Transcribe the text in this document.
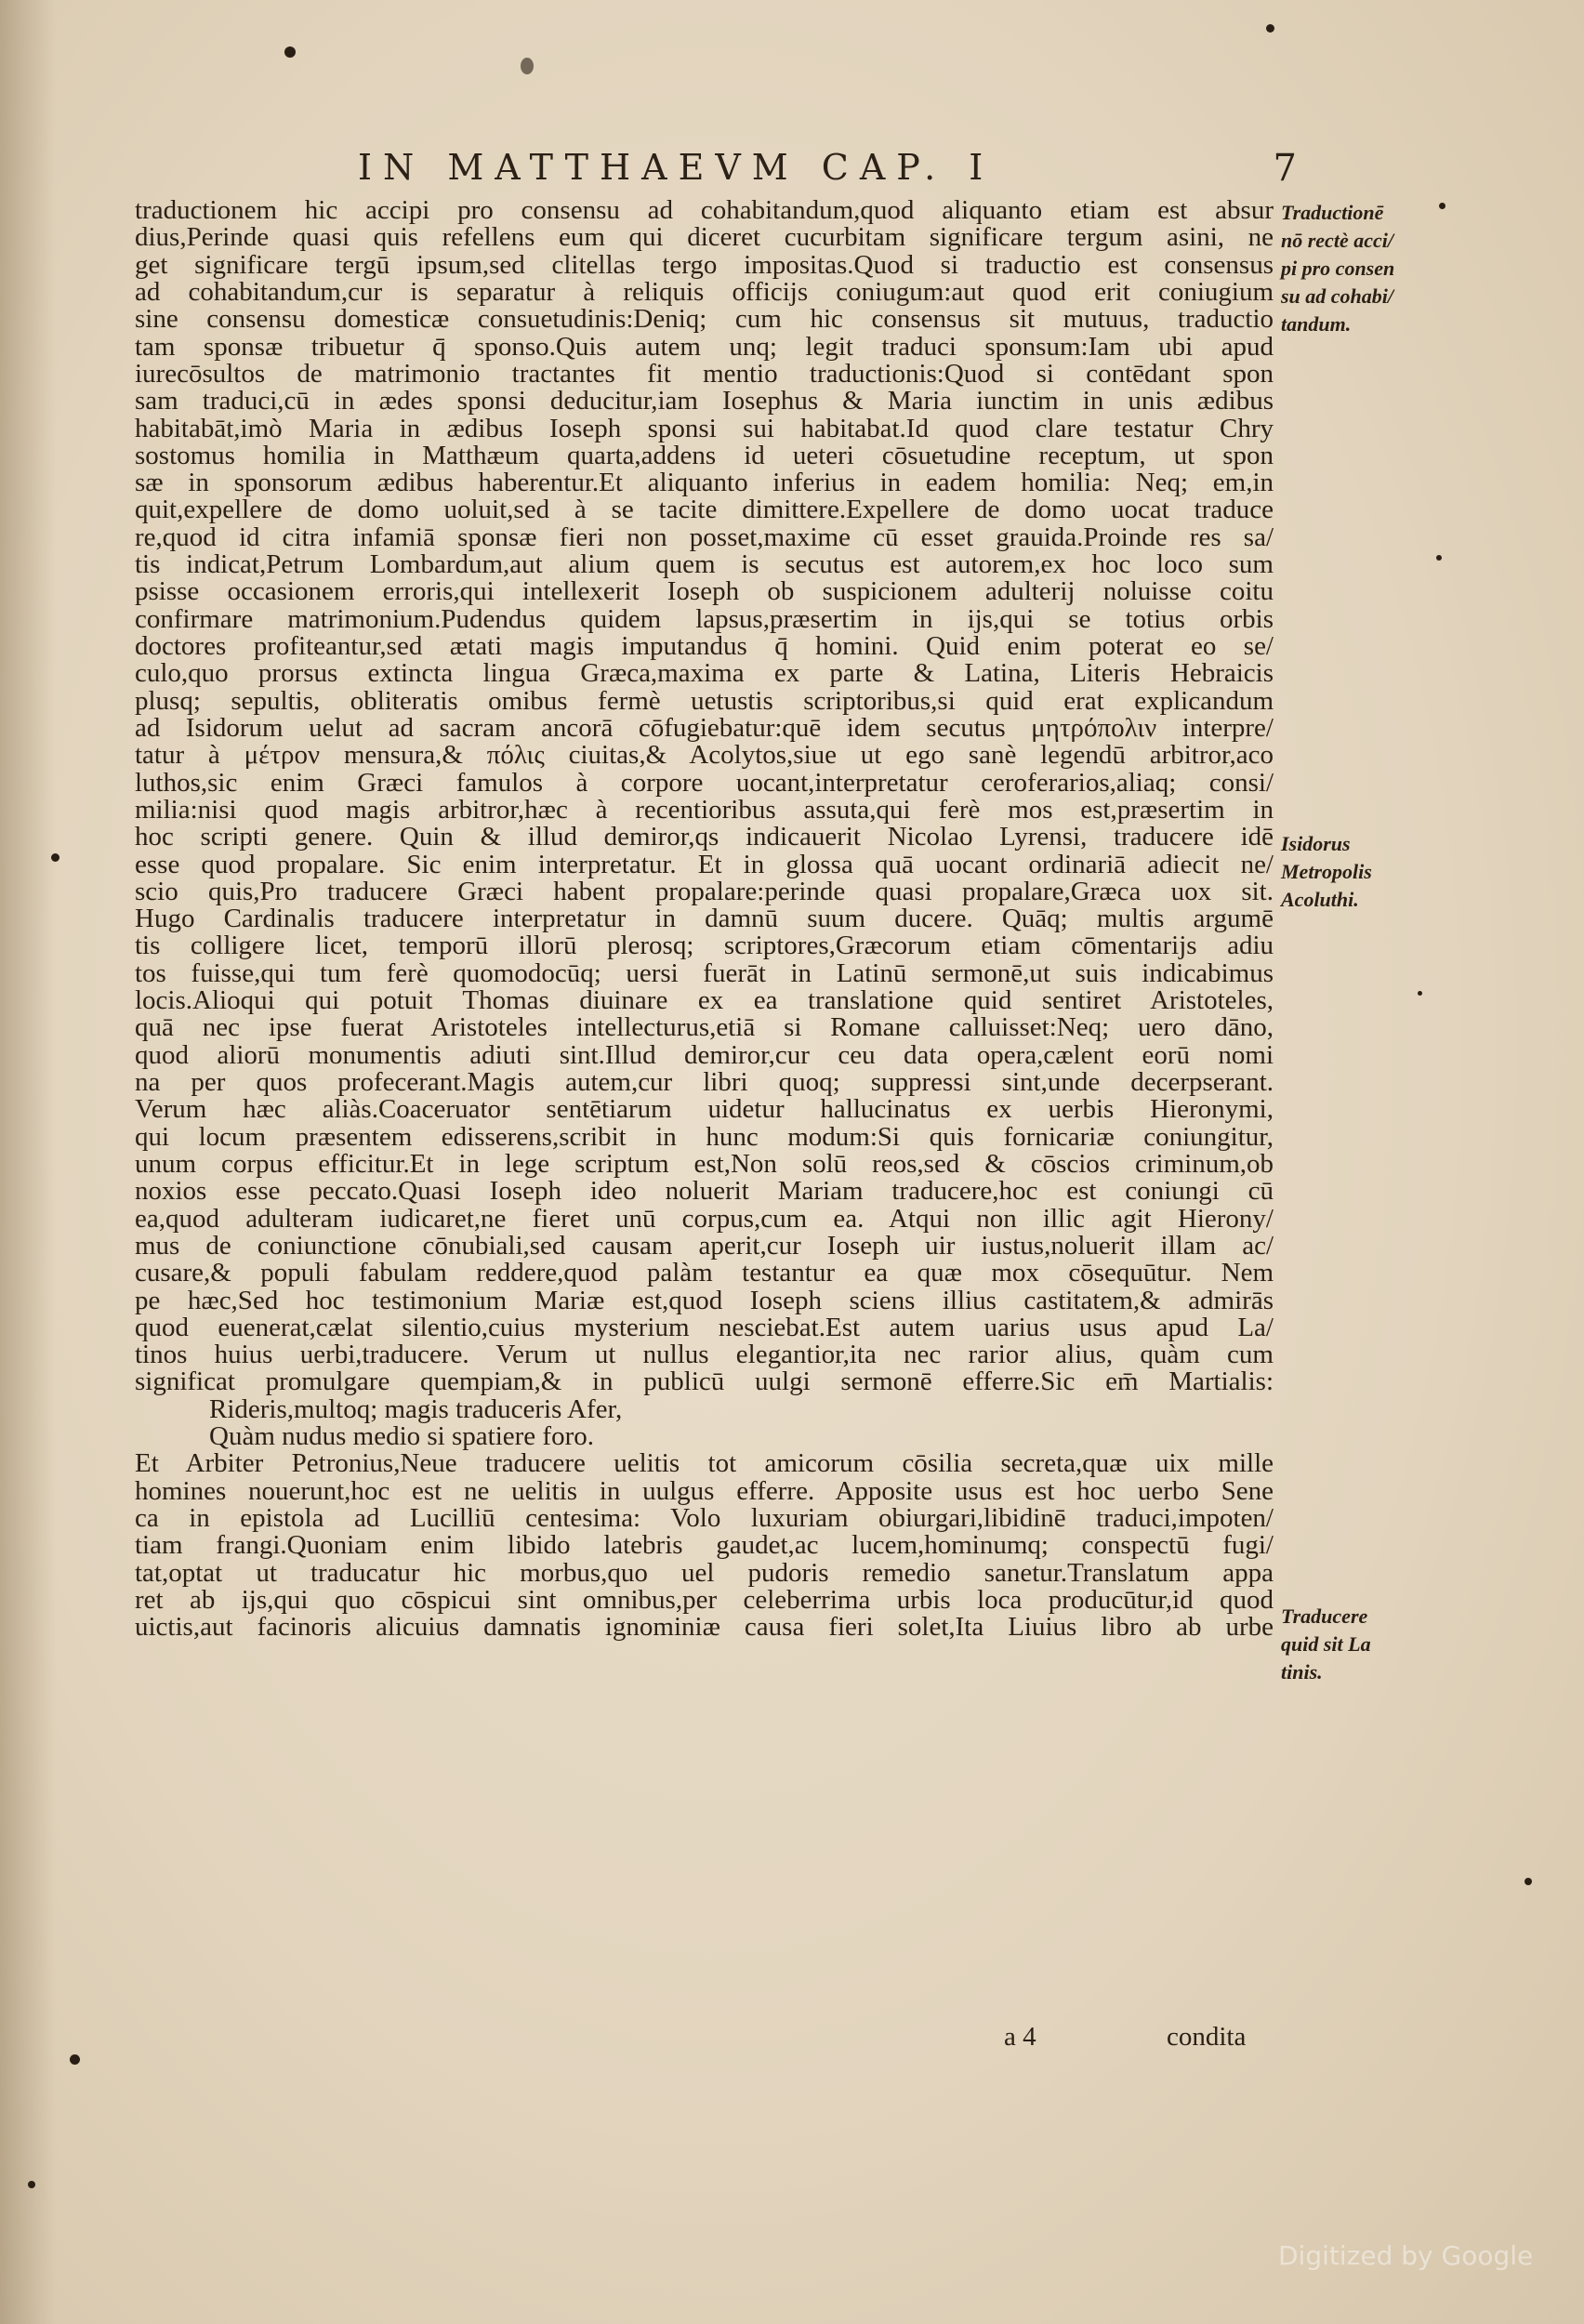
IN MATTHAEVM CAP. I	7
traductionem hic accipi pro consensu ad cohabitandum,quod aliquanto etiam est absur
dius,Perinde quasi quis refellens eum qui diceret cucurbitam significare tergum asini, ne
get significare tergū ipsum,sed clitellas tergo impositas.Quod si traductio est consensus
ad cohabitandum,cur is separatur à reliquis officijs coniugum:aut quod erit coniugium
sine consensu domesticæ consuetudinis:Deniq; cum hic consensus sit mutuus, traductio
tam sponsæ tribuetur q̄ sponso.Quis autem unq; legit traduci sponsum:Iam ubi apud
iurecōsultos de matrimonio tractantes fit mentio traductionis:Quod si contēdant spon
sam traduci,cū in ædes sponsi deducitur,iam Iosephus & Maria iunctim in unis ædibus
habitabāt,imò Maria in ædibus Ioseph sponsi sui habitabat.Id quod clare testatur Chry
sostomus homilia in Matthæum quarta,addens id ueteri cōsuetudine receptum, ut spon
sæ in sponsorum ædibus haberentur.Et aliquanto inferius in eadem homilia: Neq; em,in
quit,expellere de domo uoluit,sed à se tacite dimittere.Expellere de domo uocat traduce
re,quod id citra infamiā sponsæ fieri non posset,maxime cū esset grauida.Proinde res sa/
tis indicat,Petrum Lombardum,aut alium quem is secutus est autorem,ex hoc loco sum
psisse occasionem erroris,qui intellexerit Ioseph ob suspicionem adulterij noluisse coitu
confirmare matrimonium.Pudendus quidem lapsus,præsertim in ijs,qui se totius orbis
doctores profiteantur,sed ætati magis imputandus q̄ homini. Quid enim poterat eo se/
culo,quo prorsus extincta lingua Græca,maxima ex parte & Latina, Literis Hebraicis
plusq; sepultis, obliteratis omibus fermè uetustis scriptoribus,si quid erat explicandum
ad Isidorum uelut ad sacram ancorā cōfugiebatur:quē idem secutus μητρόπολιν interpre/
tatur à μέτρον mensura,& πόλις ciuitas,& Acolytos,siue ut ego sanè legendū arbitror,aco
luthos,sic enim Græci famulos à corpore uocant,interpretatur ceroferarios,aliaq; consi/
milia:nisi quod magis arbitror,hæc à recentioribus assuta,qui ferè mos est,præsertim in
hoc scripti genere. Quin & illud demiror,qs indicauerit Nicolao Lyrensi, traducere idē
esse quod propalare. Sic enim interpretatur. Et in glossa quā uocant ordinariā adiecit ne/
scio quis,Pro traducere Græci habent propalare:perinde quasi propalare,Græca uox sit.
Hugo Cardinalis traducere interpretatur in damnū suum ducere. Quāq; multis argumē
tis colligere licet, temporū illorū plerosq; scriptores,Græcorum etiam cōmentarijs adiu
tos fuisse,qui tum ferè quomodocūq; uersi fuerāt in Latinū sermonē,ut suis indicabimus
locis.Alioqui qui potuit Thomas diuinare ex ea translatione quid sentiret Aristoteles,
quā nec ipse fuerat Aristoteles intellecturus,etiā si Romane calluisset:Neq; uero dāno,
quod aliorū monumentis adiuti sint.Illud demiror,cur ceu data opera,cælent eorū nomi
na per quos profecerant.Magis autem,cur libri quoq; suppressi sint,unde decerpserant.
Verum hæc aliàs.Coaceruator sentētiarum uidetur hallucinatus ex uerbis Hieronymi,
qui locum præsentem edisserens,scribit in hunc modum:Si quis fornicariæ coniungitur,
unum corpus efficitur.Et in lege scriptum est,Non solū reos,sed & cōscios criminum,ob
noxios esse peccato.Quasi Ioseph ideo noluerit Mariam traducere,hoc est coniungi cū
ea,quod adulteram iudicaret,ne fieret unū corpus,cum ea. Atqui non illic agit Hierony/
mus de coniunctione cōnubiali,sed causam aperit,cur Ioseph uir iustus,noluerit illam ac/
cusare,& populi fabulam reddere,quod palàm testantur ea quæ mox cōsequūtur. Nem
pe hæc,Sed hoc testimonium Mariæ est,quod Ioseph sciens illius castitatem,& admirās
quod euenerat,cælat silentio,cuius mysterium nesciebat.Est autem uarius usus apud La/
tinos huius uerbi,traducere. Verum ut nullus elegantior,ita nec rarior alius, quàm cum
significat promulgare quempiam,& in publicū uulgi sermonē efferre.Sic em̄ Martialis:
Rideris,multoq; magis traduceris Afer,
Quàm nudus medio si spatiere foro.
Et Arbiter Petronius,Neue traducere uelitis tot amicorum cōsilia secreta,quæ uix mille
homines nouerunt,hoc est ne uelitis in uulgus efferre. Apposite usus est hoc uerbo Sene
ca in epistola ad Lucilliū centesima: Volo luxuriam obiurgari,libidinē traduci,impoten/
tiam frangi.Quoniam enim libido latebris gaudet,ac lucem,hominumq; conspectū fugi/
tat,optat ut traducatur hic morbus,quo uel pudoris remedio sanetur.Translatum appa
ret ab ijs,qui quo cōspicui sint omnibus,per celeberrima urbis loca producūtur,id quod
uictis,aut facinoris alicuius damnatis ignominiæ causa fieri solet,Ita Liuius libro ab urbe
Traductionē
nō rectè acci/
pi pro consen
su ad cohabi/
tandum.
Isidorus
Metropolis
Acoluthi.
Traducere
quid sit La
tinis.
a 4	condita
Digitized by Google
